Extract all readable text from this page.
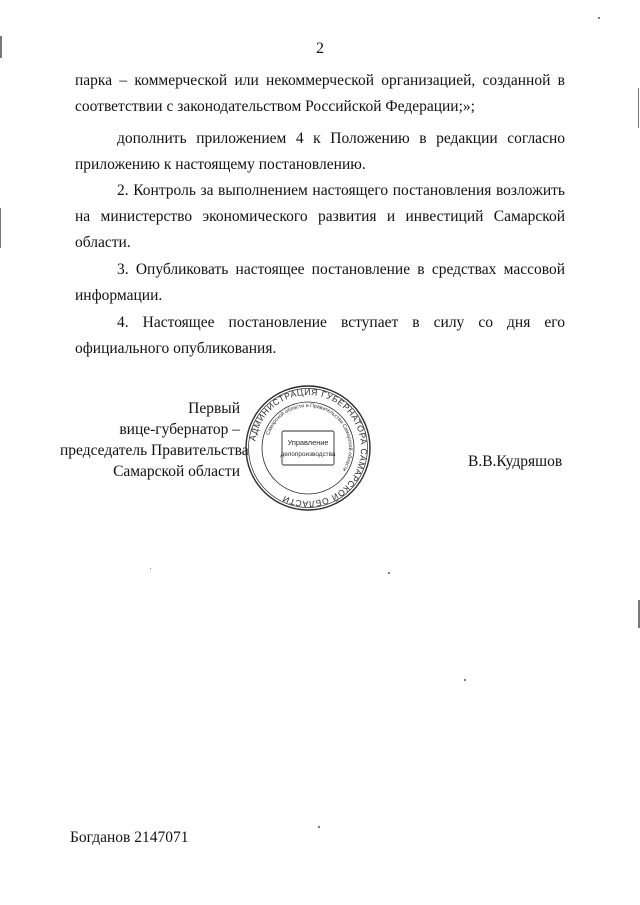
2

парка – коммерческой или некоммерческой организацией, созданной в соответствии с законодательством Российской Федерации;»;

дополнить приложением 4 к Положению в редакции согласно приложению к настоящему постановлению.

2. Контроль за выполнением настоящего постановления возложить на министерство экономического развития и инвестиций Самарской области.

3. Опубликовать настоящее постановление в средствах массовой информации.

4. Настоящее постановление вступает в силу со дня его официального опубликования.

Первый
вице-губернатор –
председатель Правительства
Самарской области
АДМИНИСТРАЦИЯ ГУБЕРНАТОРА САМАРСКОЙ ОБЛАСТИ
Самарской области и Правительства Самарской области
Управление
делопроизводства	В.В.Кудряшов
Богданов 2147071
